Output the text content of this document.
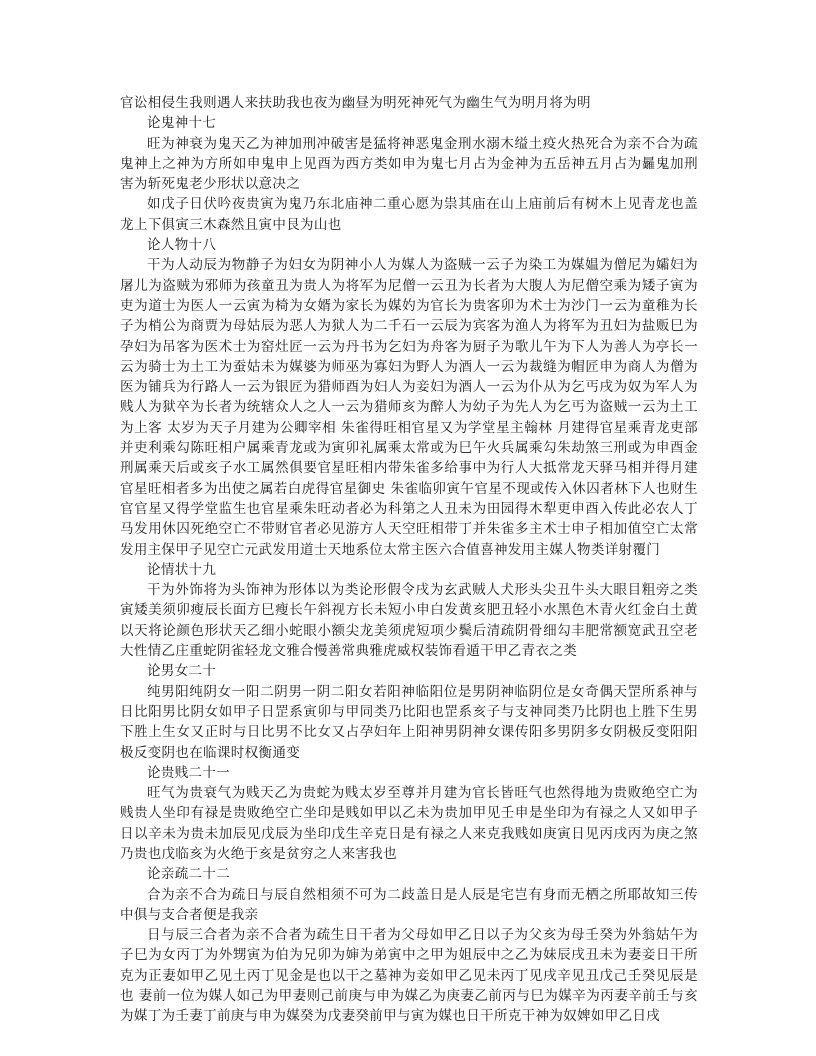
官讼相侵生我则遇人来扶助我也夜为幽昼为明死神死气为幽生气为明月将为明

论鬼神十七

旺为神衰为鬼天乙为神加刑冲破害是猛将神恶鬼金刑水溺木缢土疫火热死合为亲不合为疏鬼神上之神为方所如申鬼申上见酉为西方类如申为鬼七月占为金神为五岳神五月占为㬮鬼加刑害为斩死鬼老少形状以意决之

如戊子日伏吟夜贵寅为鬼乃东北庙神二重心愿为祟其庙在山上庙前后有树木上见青龙也盖龙上下俱寅三木森然且寅中艮为山也

论人物十八

干为人动辰为物静子为妇女为阴神小人为媒人为盗贼一云子为染工为媒媪为僧尼为孀妇为屠儿为盗贼为邪师为孩童丑为贵人为将军为尼僧一云丑为长者为大腹人为尼僧空乘为矮子寅为吏为道士为医人一云寅为椅为女婿为家长为媒妁为官长为贵客卯为术士为沙门一云为童稚为长子为梢公为商贾为母姑辰为恶人为狱人为二千石一云辰为宾客为渔人为将军为丑妇为盐贩巳为孕妇为吊客为医术士为窑灶匠一云为丹书为乞妇为舟客为厨子为歌儿午为下人为善人为亭长一云为骑士为土工为蚕姑未为媒婆为师巫为寡妇为野人为酒人一云为裁缝为帽匠申为商人为僧为医为铺兵为行路人一云为银匠为猎师酉为妇人为妾妇为酒人一云为仆从为乞丐戌为奴为军人为贱人为狱卒为长者为统辖众人之人一云为猎师亥为醉人为幼子为先人为乞丐为盗贼一云为土工为上客 太岁为天子月建为公卿宰相 朱雀得旺相官星又为学堂星主翰林 月建得官星乘青龙吏部并吏利乘勾陈旺相户属乘青龙或为寅卯礼属乘太常或为巳午火兵属乘勾朱劫煞三刑或为申酉金刑属乘天后或亥子水工属然俱要官星旺相内带朱雀多给事中为行人大抵常龙天驿马相并得月建官星旺相者多为出使之属若白虎得官星御史 朱雀临卯寅午官星不现或传入休囚者林下人也财生官官星又得学堂监生也官星乘朱旺动者必为科第之人丑未为田园得木犁更申酉入传此必农人丁马发用休囚死绝空亡不带财官者必见游方人天空旺相带丁并朱雀多主术士申子相加值空亡太常发用主保甲子见空亡元武发用道士天地系位太常主医六合值喜神发用主媒人物类详射覆门

论情状十九

干为外饰将为头饰神为形体以为类论形假令戌为玄武贼人犬形头尖丑牛头大眼目粗旁之类寅矮美须卯瘦辰长面方巳瘦长午斜视方长未短小申白发黄亥肥丑轻小水黑色木青火红金白土黄以天将论颜色形状天乙细小蛇眼小额尖龙美须虎短项少鬓后清疏阴骨细勾丰肥常额宽武丑空老大性情乙庄重蛇阴雀轻龙文雅合慢善常典雅虎威权装饰看遁干甲乙青衣之类

论男女二十

纯男阳纯阴女一阳二阴男一阴二阳女若阳神临阳位是男阴神临阴位是女奇偶天罡所系神与日比阳男比阴女如甲子日罡系寅卯与甲同类乃比阳也罡系亥子与支神同类乃比阴也上胜下生男下胜上生女又正时与日比男不比女又占孕妇年上阳神男阴神女课传阳多男阴多女阴极反变阳阳极反变阴也在临课时权衡通变

论贵贱二十一

旺气为贵衰气为贱天乙为贵蛇为贱太岁至尊并月建为官长皆旺气也然得地为贵败绝空亡为贱贵人坐印有禄是贵败绝空亡坐印是贱如甲以乙未为贵加甲见壬申是坐印为有禄之人又如甲子日以辛未为贵未加辰见戊辰为坐印戊生辛克日是有禄之人来克我贱如庚寅日见丙戌丙为庚之煞乃贵也戊临亥为火绝于亥是贫穷之人来害我也

论亲疏二十二

合为亲不合为疏日与辰自然相须不可为二歧盖日是人辰是宅岂有身而无栖之所耶故知三传中俱与支合者便是我亲

日与辰三合者为亲不合者为疏生日干者为父母如甲乙日以子为父亥为母壬癸为外翁姑午为子巳为女丙丁为外甥寅为伯为兄卯为婶为弟寅中之甲为姐辰中之乙为妹辰戌丑未为妻妾日干所克为正妻如甲乙见土丙丁见金是也以干之墓神为妾如甲乙见未丙丁见戌辛见丑戊己壬癸见辰是也 妻前一位为媒人如己为甲妻则己前庚与申为媒乙为庚妻乙前丙与巳为媒辛为丙妻辛前壬与亥为媒丁为壬妻丁前庚与申为媒癸为戊妻癸前甲与寅为媒也日干所克干神为奴婢如甲乙日戌
